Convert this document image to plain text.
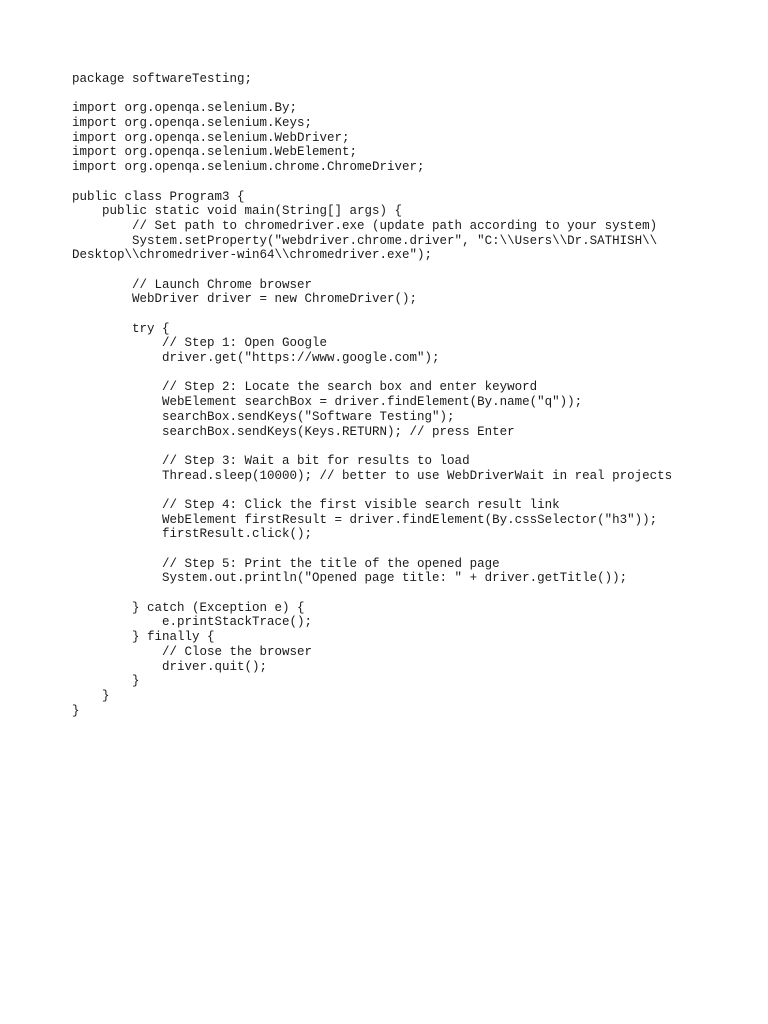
package softwareTesting;
import org.openqa.selenium.By;
import org.openqa.selenium.Keys;
import org.openqa.selenium.WebDriver;
import org.openqa.selenium.WebElement;
import org.openqa.selenium.chrome.ChromeDriver;
public class Program3 {
public static void main(String[] args) {
// Set path to chromedriver.exe (update path according to your system)
System.setProperty("webdriver.chrome.driver", "C:\\Users\\Dr.SATHISH\\
Desktop\\chromedriver-win64\\chromedriver.exe");
// Launch Chrome browser
WebDriver driver = new ChromeDriver();
try {
// Step 1: Open Google
driver.get("https://www.google.com");
// Step 2: Locate the search box and enter keyword
WebElement searchBox = driver.findElement(By.name("q"));
searchBox.sendKeys("Software Testing");
searchBox.sendKeys(Keys.RETURN); // press Enter
// Step 3: Wait a bit for results to load
Thread.sleep(10000); // better to use WebDriverWait in real projects
// Step 4: Click the first visible search result link
WebElement firstResult = driver.findElement(By.cssSelector("h3"));
firstResult.click();
// Step 5: Print the title of the opened page
System.out.println("Opened page title: " + driver.getTitle());
} catch (Exception e) {
e.printStackTrace();
} finally {
// Close the browser
driver.quit();
}
}
}
